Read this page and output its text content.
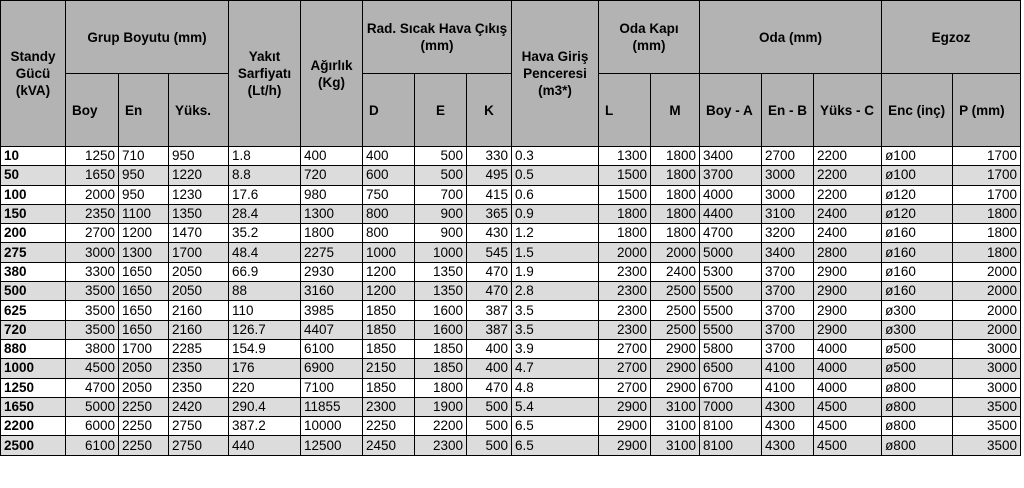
Standy Gücü (kVA)	Grup Boyutu (mm)			Yakıt Sarfiyatı (Lt/h)	Ağırlık (Kg)	Rad. Sıcak Hava Çıkış (mm)			Hava Giriş Penceresi (m3*)	Oda Kapı (mm)		Oda (mm)			Egzoz	
	Boy	En	Yüks.			D	E	K		L	M	Boy - A	En - B	Yüks - C	Enc (inç)	P (mm)
10	1250	710	950	1.8	400	400	500	330	0.3	1300	1800	3400	2700	2200	ø100	1700
50	1650	950	1220	8.8	720	600	500	495	0.5	1500	1800	3700	3000	2200	ø100	1700
100	2000	950	1230	17.6	980	750	700	415	0.6	1500	1800	4000	3000	2200	ø120	1700
150	2350	1100	1350	28.4	1300	800	900	365	0.9	1800	1800	4400	3100	2400	ø120	1800
200	2700	1200	1470	35.2	1800	800	900	430	1.2	1800	1800	4700	3200	2400	ø160	1800
275	3000	1300	1700	48.4	2275	1000	1000	545	1.5	2000	2000	5000	3400	2800	ø160	1800
380	3300	1650	2050	66.9	2930	1200	1350	470	1.9	2300	2400	5300	3700	2900	ø160	2000
500	3500	1650	2050	88	3160	1200	1350	470	2.8	2300	2500	5500	3700	2900	ø160	2000
625	3500	1650	2160	110	3985	1850	1600	387	3.5	2300	2500	5500	3700	2900	ø300	2000
720	3500	1650	2160	126.7	4407	1850	1600	387	3.5	2300	2500	5500	3700	2900	ø300	2000
880	3800	1700	2285	154.9	6100	1850	1850	400	3.9	2700	2900	5800	3700	4000	ø500	3000
1000	4500	2050	2350	176	6900	2150	1850	400	4.7	2700	2900	6500	4100	4000	ø500	3000
1250	4700	2050	2350	220	7100	1850	1800	470	4.8	2700	2900	6700	4100	4000	ø800	3000
1650	5000	2250	2420	290.4	11855	2300	1900	500	5.4	2900	3100	7000	4300	4500	ø800	3500
2200	6000	2250	2750	387.2	10000	2250	2200	500	6.5	2900	3100	8100	4300	4500	ø800	3500
2500	6100	2250	2750	440	12500	2450	2300	500	6.5	2900	3100	8100	4300	4500	ø800	3500
